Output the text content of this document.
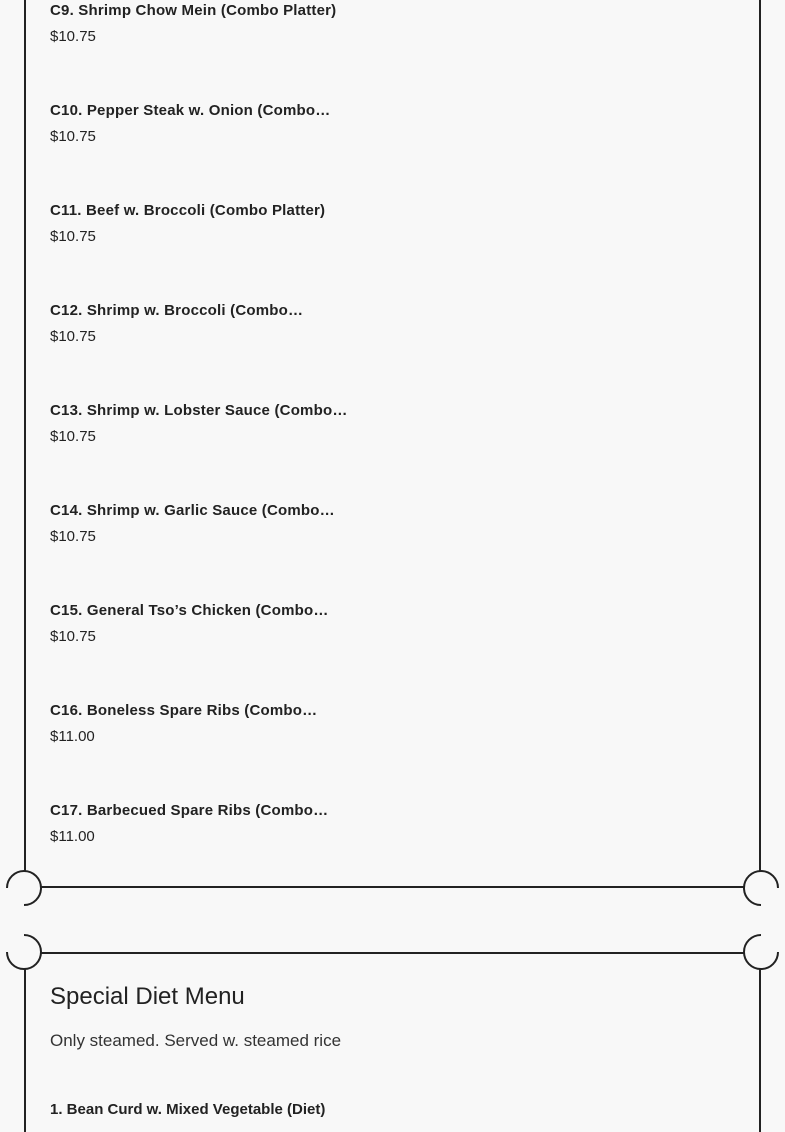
C9. Shrimp Chow Mein (Combo Platter)
$10.75
C10. Pepper Steak w. Onion (Combo…
$10.75
C11. Beef w. Broccoli (Combo Platter)
$10.75
C12. Shrimp w. Broccoli (Combo…
$10.75
C13. Shrimp w. Lobster Sauce (Combo…
$10.75
C14. Shrimp w. Garlic Sauce (Combo…
$10.75
C15. General Tso’s Chicken (Combo…
$10.75
C16. Boneless Spare Ribs (Combo…
$11.00
C17. Barbecued Spare Ribs (Combo…
$11.00
Special Diet Menu

Only steamed. Served w. steamed rice

1. Bean Curd w. Mixed Vegetable (Diet)
